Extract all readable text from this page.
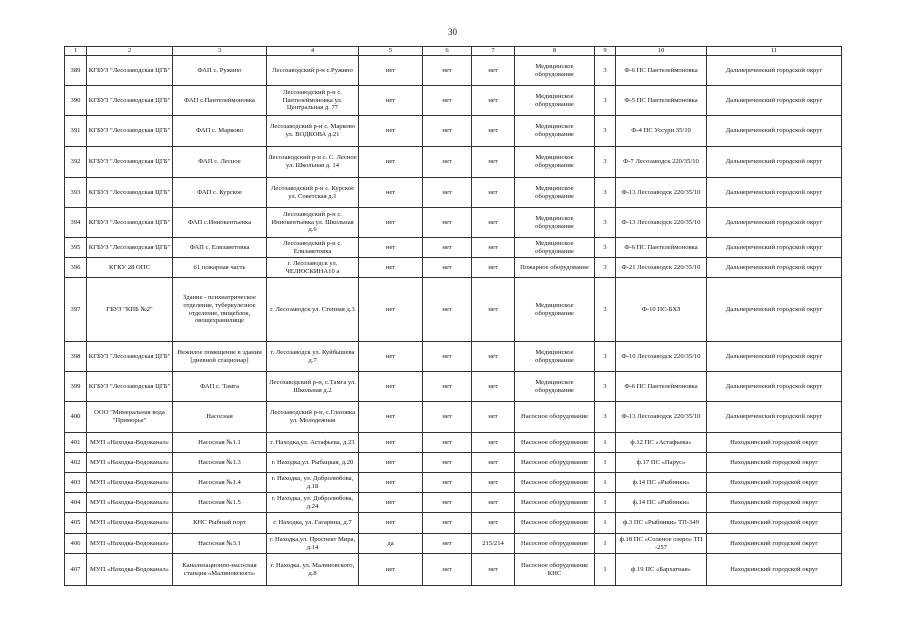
30
1	2	3	4	5	6	7	8	9	10	11
389	КГБУЗ "Лесозаводская ЦГБ"	ФАП с. Ружино	Лесозаводский р-н с.Ружино	нет	нет	нет	Медицинское оборудование	3	Ф-6 ПС Пантелеймоновка	Дальнереченский городской округ
390	КГБУЗ "Лесозаводская ЦГБ"	ФАП с.Пантелеймоновка	Лесозаводский р-н с. Пантелеймоновка ул. Центральная д. 77	нет	нет	нет	Медицинское оборудование	3	Ф-5 ПС Пантелеймоновка	Дальнереченский городской округ
391	КГБУЗ "Лесозаводская ЦГБ"	ФАП с. Марково	Лесозаводский р-н с. Марково ул. ВОДКОВА д.21	нет	нет	нет	Медицинское оборудование	3	Ф-4 ПС Уссури 35/10	Дальнереченский городской округ
392	КГБУЗ "Лесозаводская ЦГБ"	ФАП с. Лесное	Лесозаводский р-н с. С. Лесное ул. Школьная д. 14	нет	нет	нет	Медицинское оборудование	3	Ф-7 Лесозаводск 220/35/10	Дальнереченский городской округ
393	КГБУЗ "Лесозаводская ЦГБ"	ФАП с. Курское	Лесозаводский р-н с. Курское ул. Советская д.1	нет	нет	нет	Медицинское оборудование	3	Ф-13 Лесозаводск 220/35/10	Дальнереченский городской округ
394	КГБУЗ "Лесозаводская ЦГБ"	ФАП с.Иннокентьевка	Лесозаводский р-н с. Иннокентьевка ул. Школьная д.6	нет	нет	нет	Медицинское оборудование	3	Ф-13 Лесозаводск 220/35/10	Дальнереченский городской округ
395	КГБУЗ "Лесозаводская ЦГБ"	ФАП с. Елизаветовка	Лесозаводский р-н с. Елизаветовка	нет	нет	нет	Медицинское оборудование	3	Ф-6 ПС Пантелеймоновка	Дальнереченский городской округ
396	КГКУ 28 ОПС	61 пожарная часть	г. Лесозаводск ул. ЧЕЛЮСКИНА10 а	нет	нет	нет	Пожарное оборудование	3	Ф-21 Лесозаводск 220/35/10	Дальнереченский городской округ
397	ГБУЗ "КПБ №2"	Здание - психиатрическое отделение, туберкулезное отделение, пищеблок, овощехранилище	г. Лесозаводск ул. Степная д.3	нет	нет	нет	Медицинское оборудование	3	Ф-10 ПС-БХЗ	Дальнереченский городской округ
398	КГБУЗ "Лесозаводская ЦГБ"	Нежилое помещение в здании [дневной стационар]	г. Лесозаводск ул. Куйбышева д.7	нет	нет	нет	Медицинское оборудование	3	Ф-10 Лесозаводск 220/35/10	Дальнереченский городской округ
399	КГБУЗ "Лесозаводская ЦГБ"	ФАП с. Тамга	Лесозаводский р-н, с.Тамга ул. Школьная д.2	нет	нет	нет	Медицинское оборудование	3	Ф-6 ПС Пантелеймоновка	Дальнереченский городской округ
400	ООО "Минеральная вода "Приморье"	Насосная	Лесозаводский р-н, с.Глазовка ул. Молодежная	нет	нет	нет	Насосное оборудование	3	Ф-13 Лесозаводск 220/35/10	Дальнереченский городской округ
401	МУП «Находка-Водоканал»	Насосная №1.1	г. Находка,ул. Астафьева, д.23	нет	нет	нет	Насосное оборудование	1	ф.12 ПС «Астафьева»	Находкинский городской округ
402	МУП «Находка-Водоканал»	Насосная №1.3	г. Находка,ул. Рыбацкая, д.20	нет	нет	нет	Насосное оборудование	1	ф.17 ПС «Парус»	Находкинский городской округ
403	МУП «Находка-Водоканал»	Насосная №1.4	г. Находка, ул. Добролюбова, д.18	нет	нет	нет	Насосное оборудование	1	ф.14 ПС «Рыбники»	Находкинский городской округ
404	МУП «Находка-Водоканал»	Насосная №1.5	г. Находка, ул. Добролюбова, д.24	нет	нет	нет	Насосное оборудование	1	ф.14 ПС «Рыбники»	Находкинский городской округ
405	МУП «Находка-Водоканал»	КНС Рыбный порт	г. Находка, ул. Гагарина, д.7	нет	нет	нет	Насосное оборудование	1	ф.3 ПС «Рыбники» ТП-349	Находкинский городской округ
406	МУП «Находка-Водоканал»	Насосная №3.1	г. Находка,ул. Проспект Мира, д.14	да	нет	215/214	Насосное оборудование	1	ф.18 ПС «Соленое озеро» ТП -257	Находкинский городской округ
407	МУП «Находка-Водоканал»	Канализационно-насосная станция «Малиновского»	г. Находка. ул. Малиновского, д.8	нет	нет	нет	Насосное оборудование КНС	1	ф.19 ПС «Бархатная»	Находкинский городской округ
